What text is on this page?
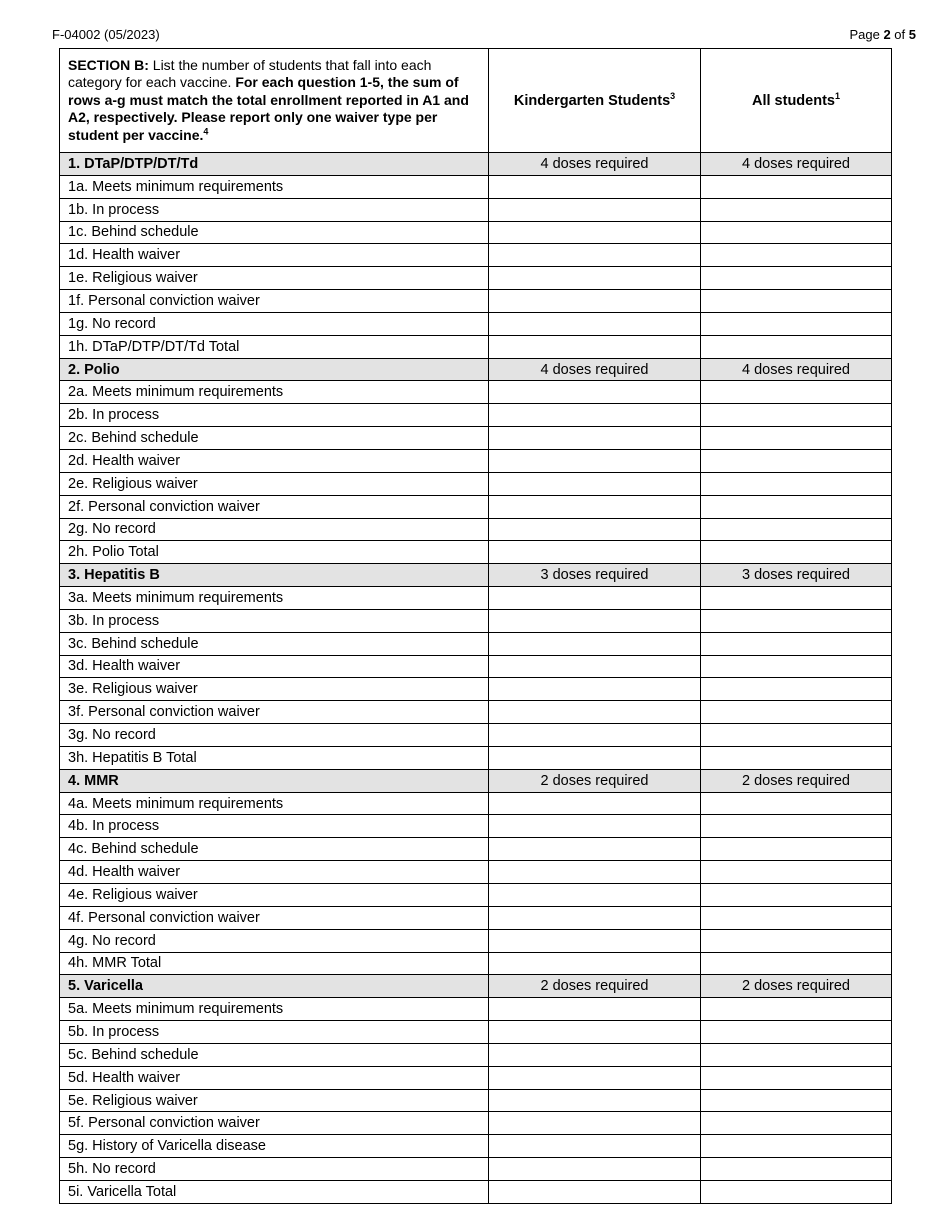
F-04002 (05/2023)	Page 2 of 5
SECTION B: List the number of students that fall into each category for each vaccine. For each question 1-5, the sum of rows a-g must match the total enrollment reported in A1 and A2, respectively. Please report only one waiver type per student per vaccine.$^4$	Kindergarten Students$^3$	All students$^1$
1. DTaP/DTP/DT/Td	4 doses required	4 doses required
1a. Meets minimum requirements		
1b. In process		
1c. Behind schedule		
1d. Health waiver		
1e. Religious waiver		
1f. Personal conviction waiver		
1g. No record		
1h. DTaP/DTP/DT/Td Total		
2. Polio	4 doses required	4 doses required
2a. Meets minimum requirements		
2b. In process		
2c. Behind schedule		
2d. Health waiver		
2e. Religious waiver		
2f. Personal conviction waiver		
2g. No record		
2h. Polio Total		
3. Hepatitis B	3 doses required	3 doses required
3a. Meets minimum requirements		
3b. In process		
3c. Behind schedule		
3d. Health waiver		
3e. Religious waiver		
3f. Personal conviction waiver		
3g. No record		
3h. Hepatitis B Total		
4. MMR	2 doses required	2 doses required
4a. Meets minimum requirements		
4b. In process		
4c. Behind schedule		
4d. Health waiver		
4e. Religious waiver		
4f. Personal conviction waiver		
4g. No record		
4h. MMR Total		
5. Varicella	2 doses required	2 doses required
5a. Meets minimum requirements		
5b. In process		
5c. Behind schedule		
5d. Health waiver		
5e. Religious waiver		
5f. Personal conviction waiver		
5g. History of Varicella disease		
5h. No record		
5i. Varicella Total		
